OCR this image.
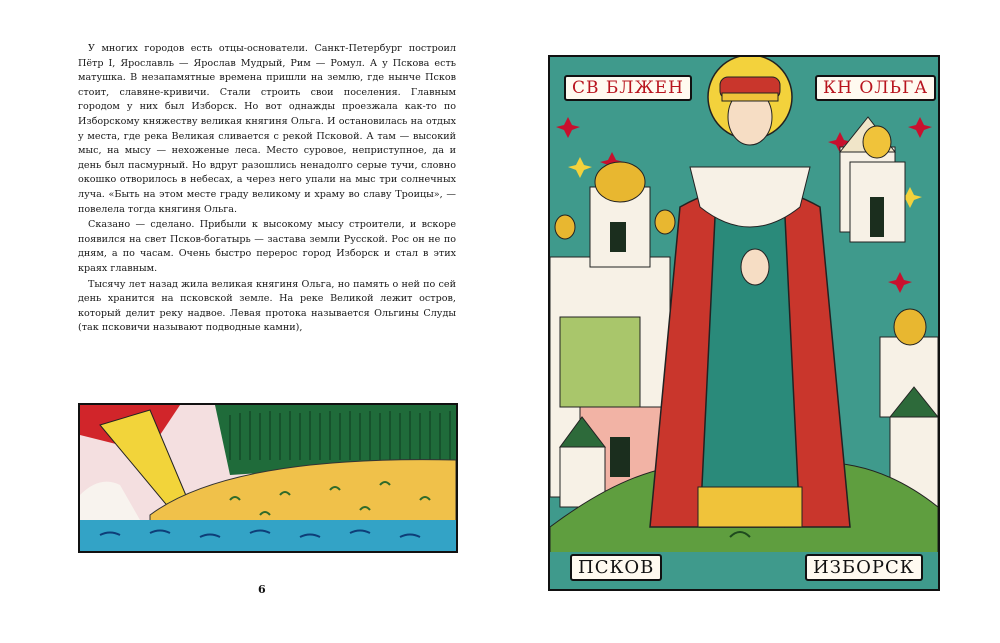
У многих городов есть отцы-основатели. Санкт-Петербург построил Пётр I, Ярославль — Ярослав Мудрый, Рим — Ромул. А у Пскова есть матушка. В незапамятные времена пришли на землю, где нынче Псков стоит, славяне-кривичи. Стали строить свои поселения. Главным городом у них был Изборск. Но вот однажды проезжала как-то по Изборскому княжеству великая княгиня Ольга. И остановилась на отдых у места, где река Великая сливается с рекой Псковой. А там — высокий мыс, на мысу — нехоженые леса. Место суровое, неприступное, да и день был пасмурный. Но вдруг разошлись ненадолго серые тучи, словно окошко отворилось в небесах, а через него упали на мыс три солнечных луча. «Быть на этом месте граду великому и храму во славу Троицы», — повелела тогда княгиня Ольга.

Сказано — сделано. Прибыли к высокому мысу строители, и вскоре появился на свет Псков-богатырь — застава земли Русской. Рос он не по дням, а по часам. Очень быстро перерос город Изборск и стал в этих краях главным.

Тысячу лет назад жила великая княгиня Ольга, но память о ней по сей день хранится на псковской земле. На реке Великой лежит остров, который делит реку надвое. Левая протока называется Ольгины Слуды (так псковичи называют подводные камни),

6
СВ БЛЖЕН	КН ОЛЬГА
ПСКОВ	ИЗБОРСК
